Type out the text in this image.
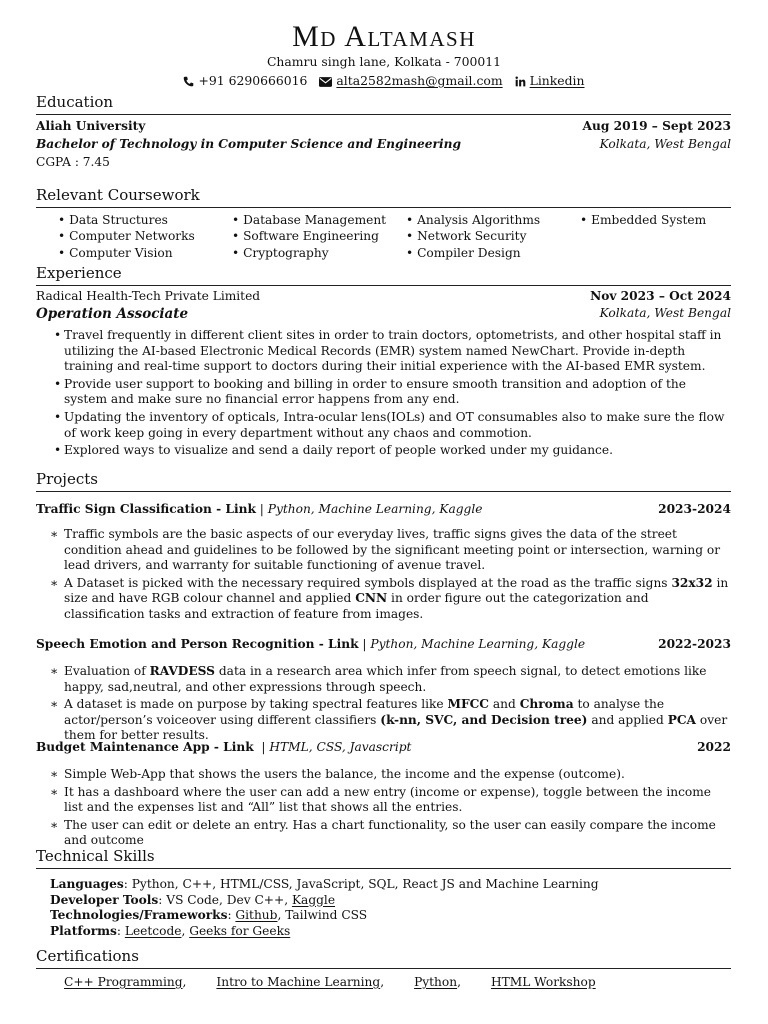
Md Altamash
Chamru singh lane, Kolkata - 700011
+91 6290666016 alta2582mash@gmail.com Linkedin
Education
Aliah University	Aug 2019 – Sept 2023
Bachelor of Technology in Computer Science and Engineering	Kolkata, West Bengal
CGPA : 7.45
Relevant Coursework
• Data Structures	• Database Management	• Analysis Algorithms	• Embedded System
• Computer Networks	• Software Engineering	• Network Security
• Computer Vision	• Cryptography	• Compiler Design
Experience
Radical Health-Tech Private Limited	Nov 2023 – Oct 2024
Operation Associate	Kolkata, West Bengal
• Travel frequently in different client sites in order to train doctors, optometrists, and other hospital staff in utilizing the AI-based Electronic Medical Records (EMR) system named NewChart. Provide in-depth training and real-time support to doctors during their initial experience with the AI-based EMR system.
• Provide user support to booking and billing in order to ensure smooth transition and adoption of the system and make sure no financial error happens from any end.
• Updating the inventory of opticals, Intra-ocular lens(IOLs) and OT consumables also to make sure the flow of work keep going in every department without any chaos and commotion.
• Explored ways to visualize and send a daily report of people worked under my guidance.
Projects
Traffic Sign Classification - Link | Python, Machine Learning, Kaggle	2023-2024
∗ Traffic symbols are the basic aspects of our everyday lives, traffic signs gives the data of the street condition ahead and guidelines to be followed by the significant meeting point or intersection, warning or lead drivers, and warranty for suitable functioning of avenue travel.
∗ A Dataset is picked with the necessary required symbols displayed at the road as the traffic signs 32x32 in size and have RGB colour channel and applied CNN in order figure out the categorization and classification tasks and extraction of feature from images.
Speech Emotion and Person Recognition - Link | Python, Machine Learning, Kaggle	2022-2023
∗ Evaluation of RAVDESS data in a research area which infer from speech signal, to detect emotions like happy, sad,neutral, and other expressions through speech.
∗ A dataset is made on purpose by taking spectral features like MFCC and Chroma to analyse the actor/person’s voiceover using different classifiers (k-nn, SVC, and Decision tree) and applied PCA over them for better results.
Budget Maintenance App - Link  | HTML, CSS, Javascript	2022
∗ Simple Web-App that shows the users the balance, the income and the expense (outcome).
∗ It has a dashboard where the user can add a new entry (income or expense), toggle between the income list and the expenses list and “All” list that shows all the entries.
∗ The user can edit or delete an entry. Has a chart functionality, so the user can easily compare the income and outcome
Technical Skills
Languages: Python, C++, HTML/CSS, JavaScript, SQL, React JS and Machine Learning
Developer Tools: VS Code, Dev C++, Kaggle
Technologies/Frameworks: Github, Tailwind CSS
Platforms: Leetcode, Geeks for Geeks
Certifications
C++ Programming, Intro to Machine Learning, Python, HTML Workshop
